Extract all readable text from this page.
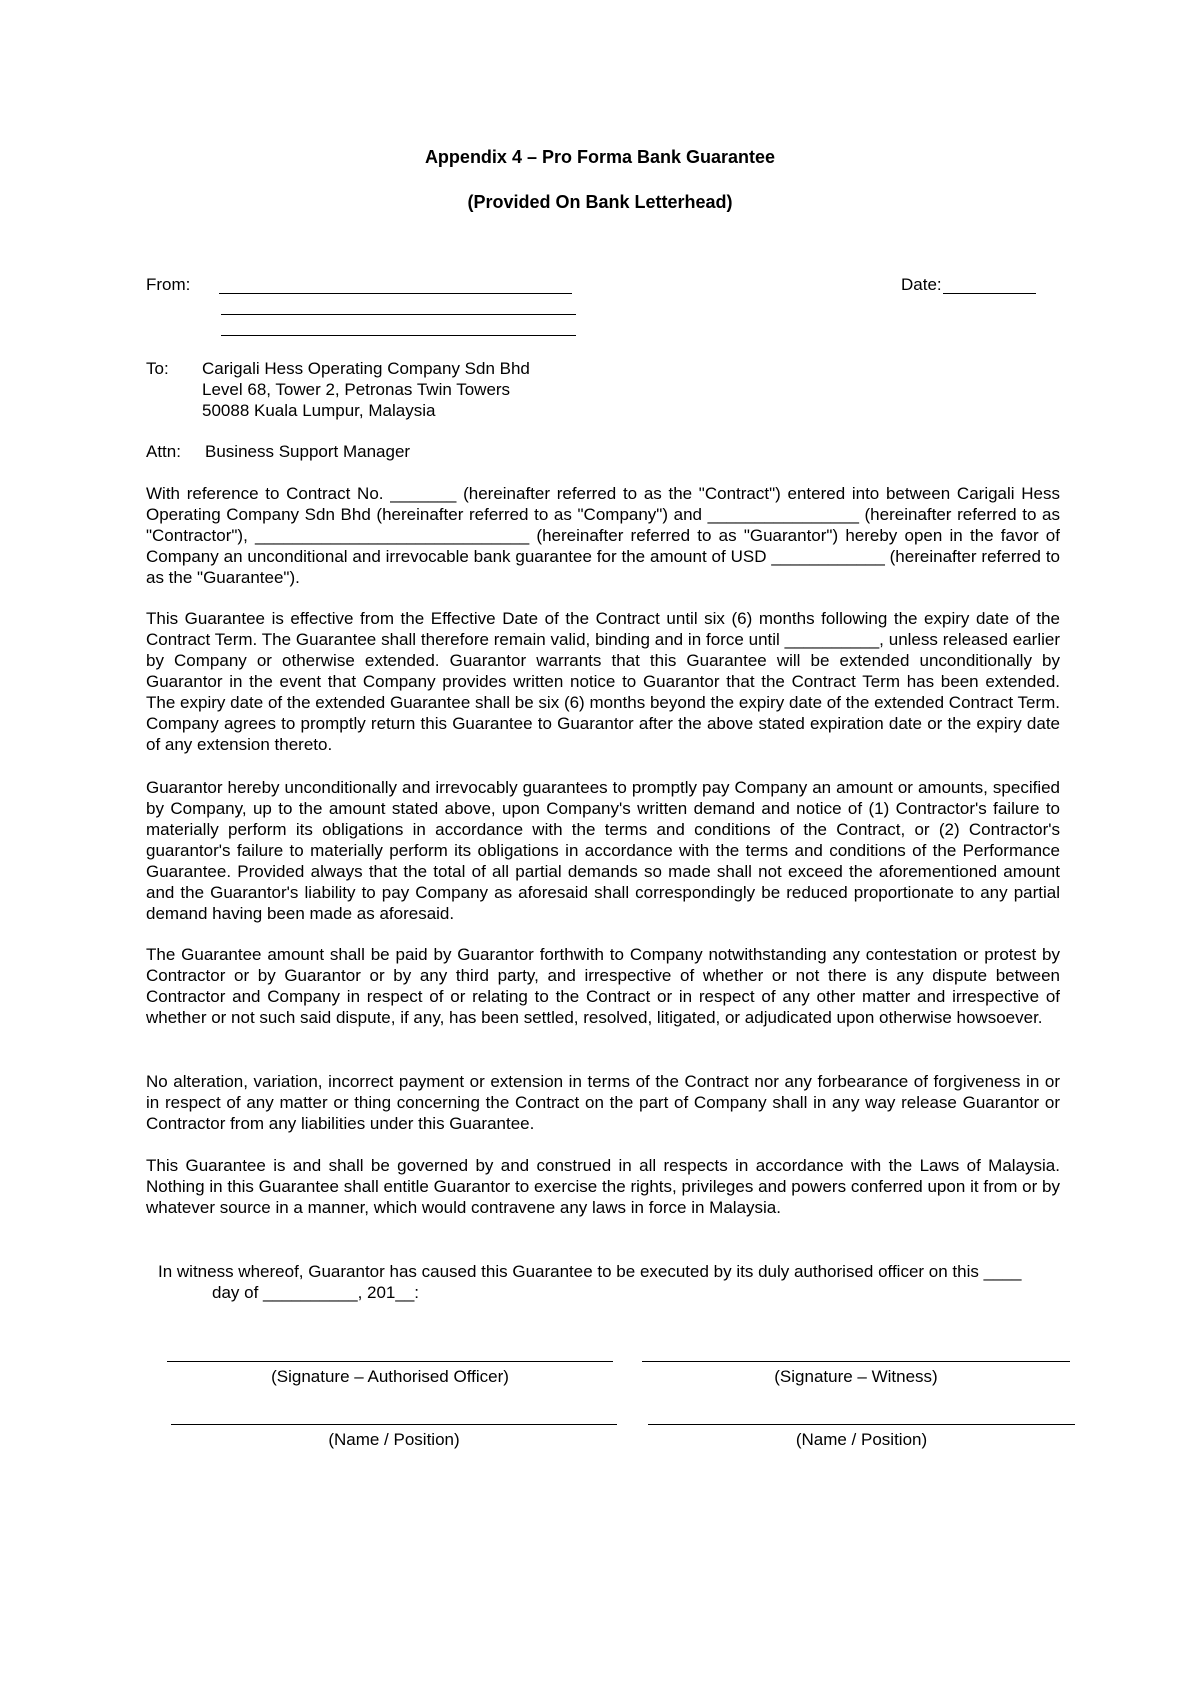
Appendix 4 – Pro Forma Bank Guarantee
(Provided On Bank Letterhead)
From:	Date:
To: Carigali Hess Operating Company Sdn Bhd
Level 68, Tower 2, Petronas Twin Towers
50088 Kuala Lumpur, Malaysia
Attn: Business Support Manager

With reference to Contract No. _______ (hereinafter referred to as the "Contract") entered into between Carigali Hess Operating Company Sdn Bhd (hereinafter referred to as "Company") and ________________ (hereinafter referred to as "Contractor"), _____________________________ (hereinafter referred to as "Guarantor") hereby open in the favor of Company an unconditional and irrevocable bank guarantee for the amount of USD ____________ (hereinafter referred to as the "Guarantee").

This Guarantee is effective from the Effective Date of the Contract until six (6) months following the expiry date of the Contract Term. The Guarantee shall therefore remain valid, binding and in force until __________, unless released earlier by Company or otherwise extended. Guarantor warrants that this Guarantee will be extended unconditionally by Guarantor in the event that Company provides written notice to Guarantor that the Contract Term has been extended. The expiry date of the extended Guarantee shall be six (6) months beyond the expiry date of the extended Contract Term. Company agrees to promptly return this Guarantee to Guarantor after the above stated expiration date or the expiry date of any extension thereto.

Guarantor hereby unconditionally and irrevocably guarantees to promptly pay Company an amount or amounts, specified by Company, up to the amount stated above, upon Company's written demand and notice of (1) Contractor's failure to materially perform its obligations in accordance with the terms and conditions of the Contract, or (2) Contractor's guarantor's failure to materially perform its obligations in accordance with the terms and conditions of the Performance Guarantee. Provided always that the total of all partial demands so made shall not exceed the aforementioned amount and the Guarantor's liability to pay Company as aforesaid shall correspondingly be reduced proportionate to any partial demand having been made as aforesaid.

The Guarantee amount shall be paid by Guarantor forthwith to Company notwithstanding any contestation or protest by Contractor or by Guarantor or by any third party, and irrespective of whether or not there is any dispute between Contractor and Company in respect of or relating to the Contract or in respect of any other matter and irrespective of whether or not such said dispute, if any, has been settled, resolved, litigated, or adjudicated upon otherwise howsoever.

No alteration, variation, incorrect payment or extension in terms of the Contract nor any forbearance of forgiveness in or in respect of any matter or thing concerning the Contract on the part of Company shall in any way release Guarantor or Contractor from any liabilities under this Guarantee.

This Guarantee is and shall be governed by and construed in all respects in accordance with the Laws of Malaysia. Nothing in this Guarantee shall entitle Guarantor to exercise the rights, privileges and powers conferred upon it from or by whatever source in a manner, which would contravene any laws in force in Malaysia.

In witness whereof, Guarantor has caused this Guarantee to be executed by its duly authorised officer on this ____
day of __________, 201__:
(Signature – Authorised Officer)	(Signature – Witness)
(Name / Position)	(Name / Position)
